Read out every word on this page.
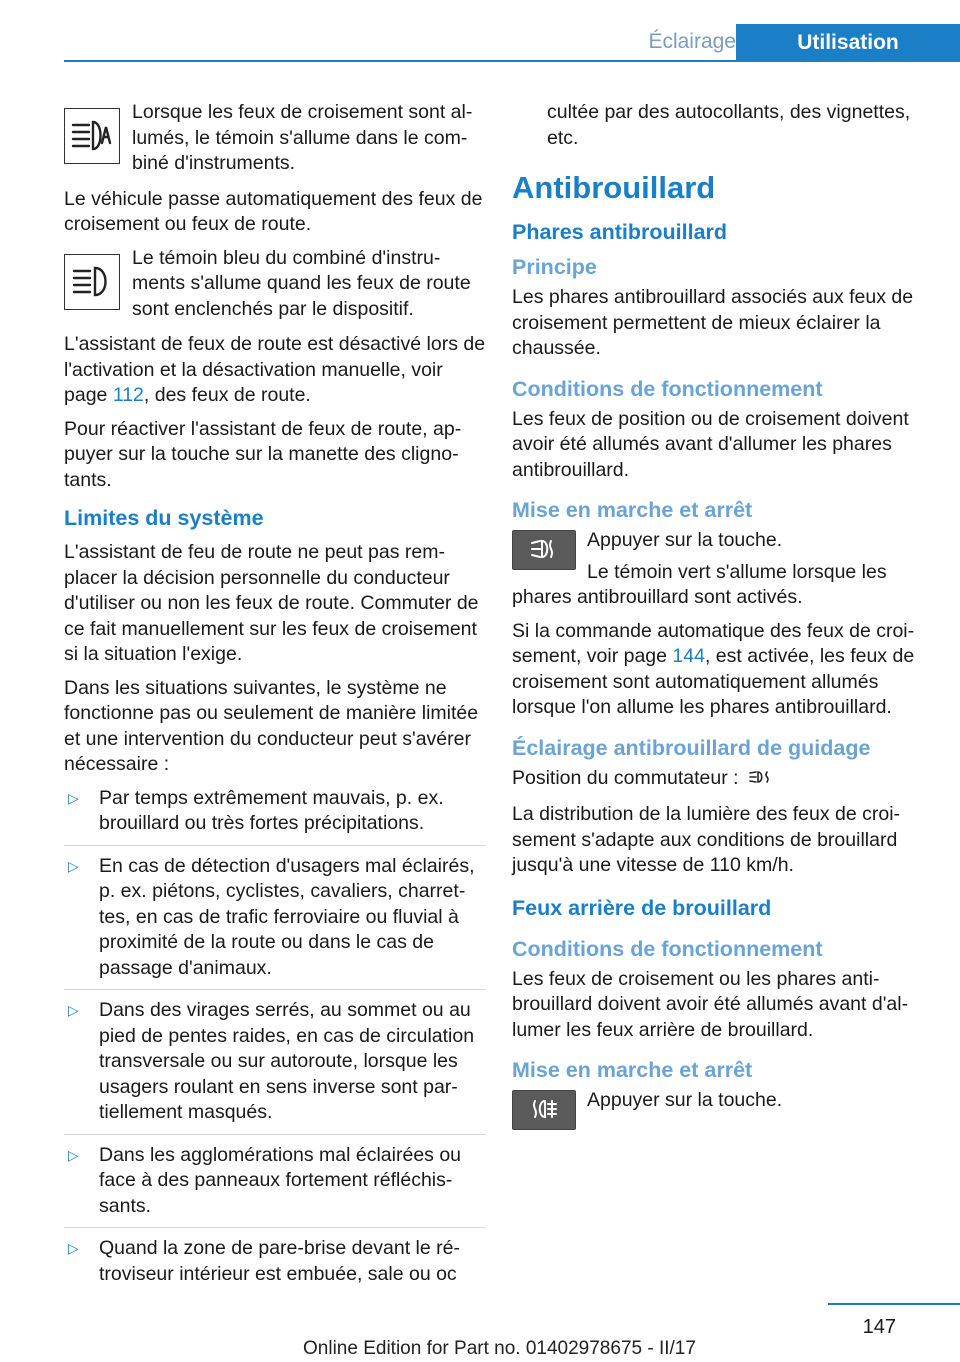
Éclairage	Utilisation

Lorsque les feux de croisement sont allumés, le témoin s'allume dans le combiné d'instruments.

Le véhicule passe automatiquement des feux de croisement ou feux de route.

Le témoin bleu du combiné d'instruments s'allume quand les feux de route sont enclenchés par le dispositif.

L'assistant de feux de route est désactivé lors de l'activation et la désactivation manuelle, voir page 112, des feux de route.

Pour réactiver l'assistant de feux de route, appuyer sur la touche sur la manette des clignotants.

Limites du système

L'assistant de feu de route ne peut pas remplacer la décision personnelle du conducteur d'utiliser ou non les feux de route. Commuter de ce fait manuellement sur les feux de croisement si la situation l'exige.

Dans les situations suivantes, le système ne fonctionne pas ou seulement de manière limitée et une intervention du conducteur peut s'avérer nécessaire :

▷ Par temps extrêmement mauvais, p. ex. brouillard ou très fortes précipitations.
▷ En cas de détection d'usagers mal éclairés, p. ex. piétons, cyclistes, cavaliers, charrettes, en cas de trafic ferroviaire ou fluvial à proximité de la route ou dans le cas de passage d'animaux.
▷ Dans des virages serrés, au sommet ou au pied de pentes raides, en cas de circulation transversale ou sur autoroute, lorsque les usagers roulant en sens inverse sont partiellement masqués.
▷ Dans les agglomérations mal éclairées ou face à des panneaux fortement réfléchissants.
▷ Quand la zone de pare-brise devant le rétroviseur intérieur est embuée, sale ou oc

cultée par des autocollants, des vignettes, etc.

Antibrouillard
Phares antibrouillard
Principe

Les phares antibrouillard associés aux feux de croisement permettent de mieux éclairer la chaussée.

Conditions de fonctionnement

Les feux de position ou de croisement doivent avoir été allumés avant d'allumer les phares antibrouillard.

Mise en marche et arrêt

Appuyer sur la touche.

Le témoin vert s'allume lorsque les phares antibrouillard sont activés.

Si la commande automatique des feux de croisement, voir page 144, est activée, les feux de croisement sont automatiquement allumés lorsque l'on allume les phares antibrouillard.

Éclairage antibrouillard de guidage

Position du commutateur :

La distribution de la lumière des feux de croisement s'adapte aux conditions de brouillard jusqu'à une vitesse de 110 km/h.

Feux arrière de brouillard
Conditions de fonctionnement

Les feux de croisement ou les phares antibrouillard doivent avoir été allumés avant d'allumer les feux arrière de brouillard.

Mise en marche et arrêt

Appuyer sur la touche.

147
Online Edition for Part no. 01402978675 - II/17
